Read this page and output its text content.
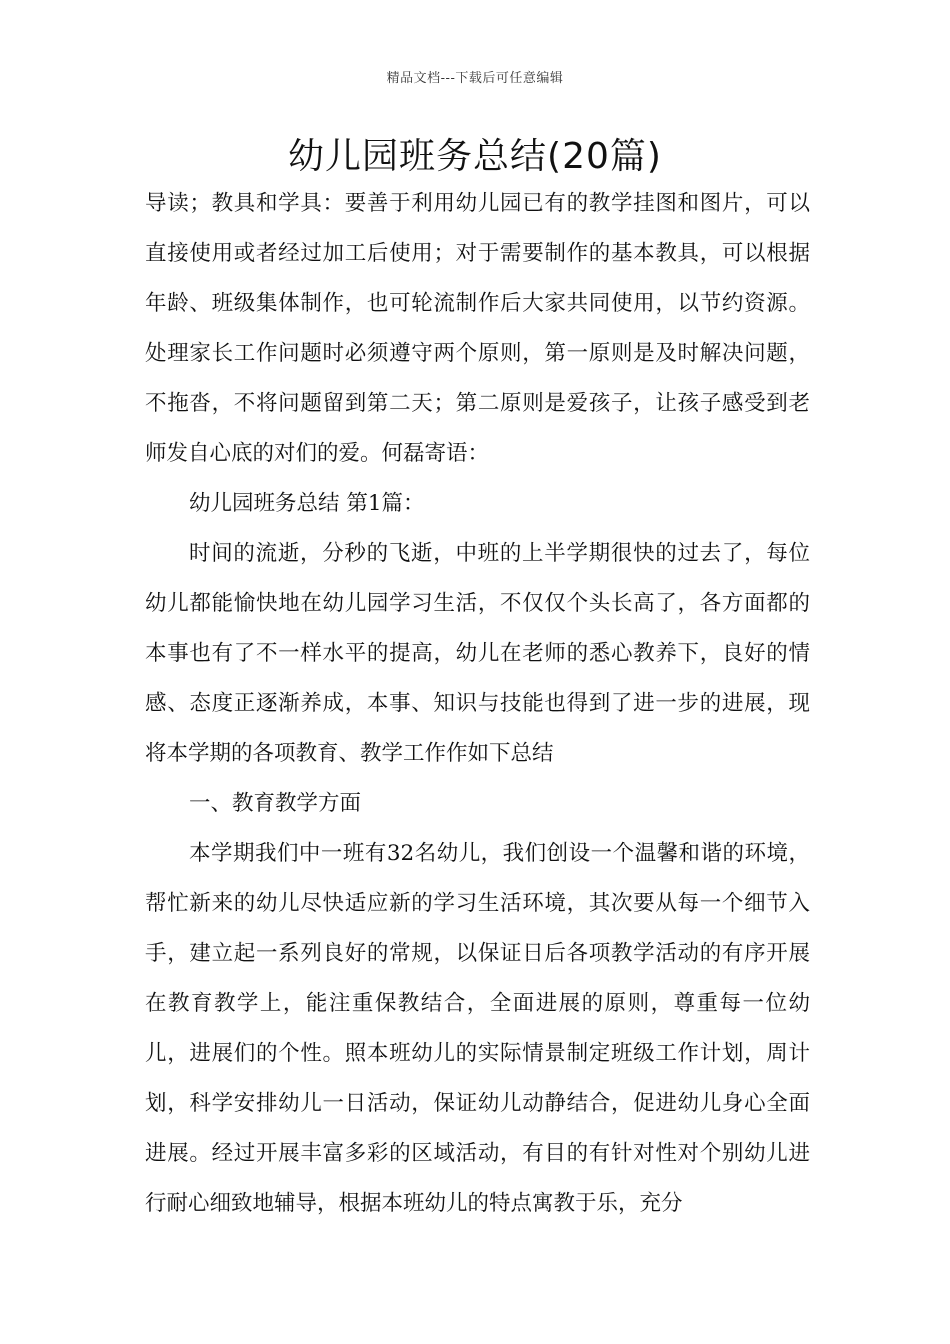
精品文档---下载后可任意编辑
幼儿园班务总结(20篇)

导读；教具和学具：要善于利用幼儿园已有的教学挂图和图片，可以直接使用或者经过加工后使用；对于需要制作的基本教具，可以根据年龄、班级集体制作，也可轮流制作后大家共同使用，以节约资源。处理家长工作问题时必须遵守两个原则，第一原则是及时解决问题，不拖沓，不将问题留到第二天；第二原则是爱孩子，让孩子感受到老师发自心底的对们的爱。何磊寄语：

幼儿园班务总结 第1篇：

时间的流逝，分秒的飞逝，中班的上半学期很快的过去了，每位幼儿都能愉快地在幼儿园学习生活，不仅仅个头长高了，各方面都的本事也有了不一样水平的提高，幼儿在老师的悉心教养下，良好的情感、态度正逐渐养成，本事、知识与技能也得到了进一步的进展，现将本学期的各项教育、教学工作作如下总结

一、教育教学方面

本学期我们中一班有32名幼儿，我们创设一个温馨和谐的环境，帮忙新来的幼儿尽快适应新的学习生活环境，其次要从每一个细节入手，建立起一系列良好的常规，以保证日后各项教学活动的有序开展在教育教学上，能注重保教结合，全面进展的原则，尊重每一位幼儿，进展们的个性。照本班幼儿的实际情景制定班级工作计划，周计划，科学安排幼儿一日活动，保证幼儿动静结合，促进幼儿身心全面进展。经过开展丰富多彩的区域活动，有目的有针对性对个别幼儿进行耐心细致地辅导，根据本班幼儿的特点寓教于乐，充分
